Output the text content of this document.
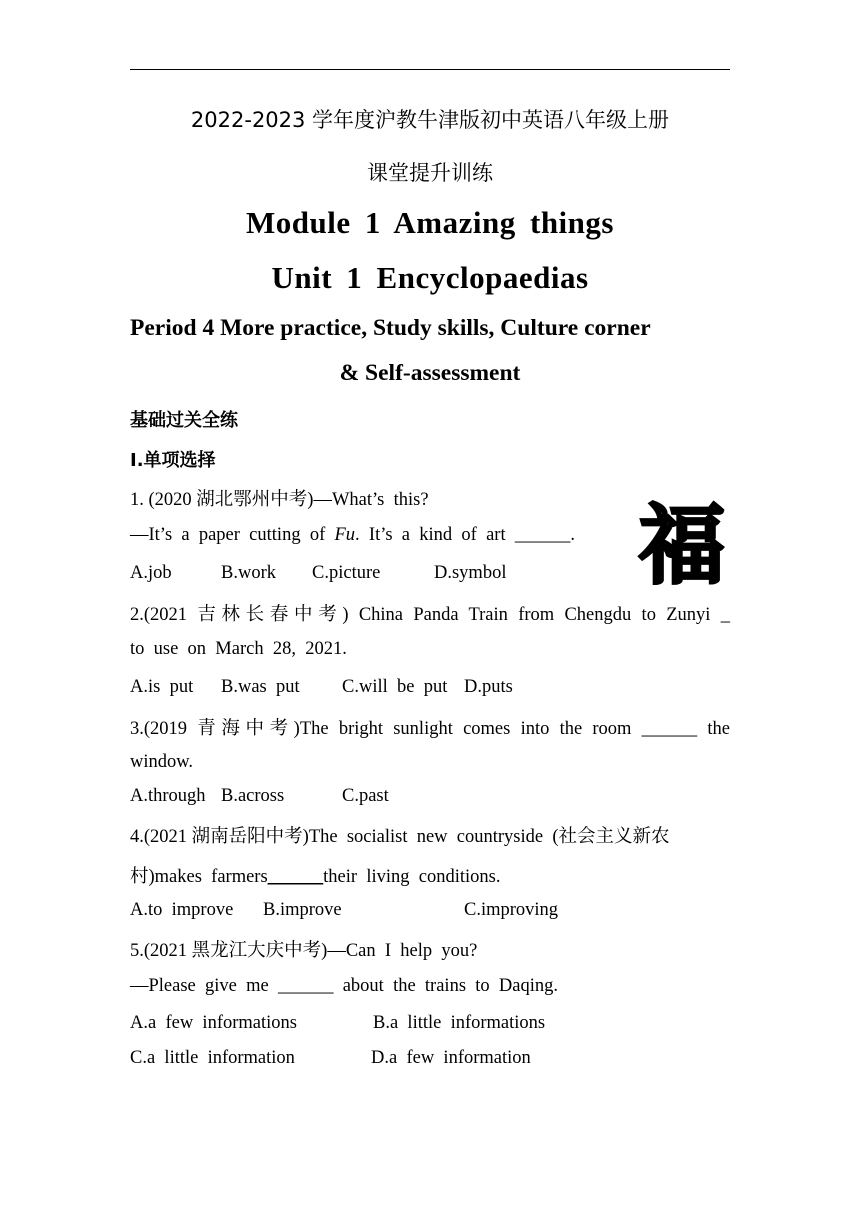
2022-2023 学年度沪教牛津版初中英语八年级上册
课堂提升训练
Module 1 Amazing things
Unit 1 Encyclopaedias
Period 4 More practice, Study skills, Culture corner
& Self-assessment
基础过关全练
I.单项选择
1. (2020 湖北鄂州中考)—What’s  this?
—It’s  a  paper  cutting  of  Fu.  It’s  a  kind  of  art  ______.
A.job	B.work C.picture	D.symbol 福
2.(2021 吉林长春中考) China Panda Train from Chengdu to Zunyi _
to  use  on  March  28,  2021.
A.is  put B.was  put C.will  be  put D.puts
3.(2019 青海中考)The bright sunlight comes into the room ______ the
window.
A.through B.across	C.past
4.(2021 湖南岳阳中考)The  socialist  new  countryside  (社会主义新农
村)makes  farmers______their  living  conditions.
A.to  improve B.improve	C.improving
5.(2021 黑龙江大庆中考)—Can  I  help  you?
—Please  give  me  ______  about  the  trains  to  Daqing.
A.a  few  informations	B.a  little  informations
C.a  little  information	D.a  few  information
